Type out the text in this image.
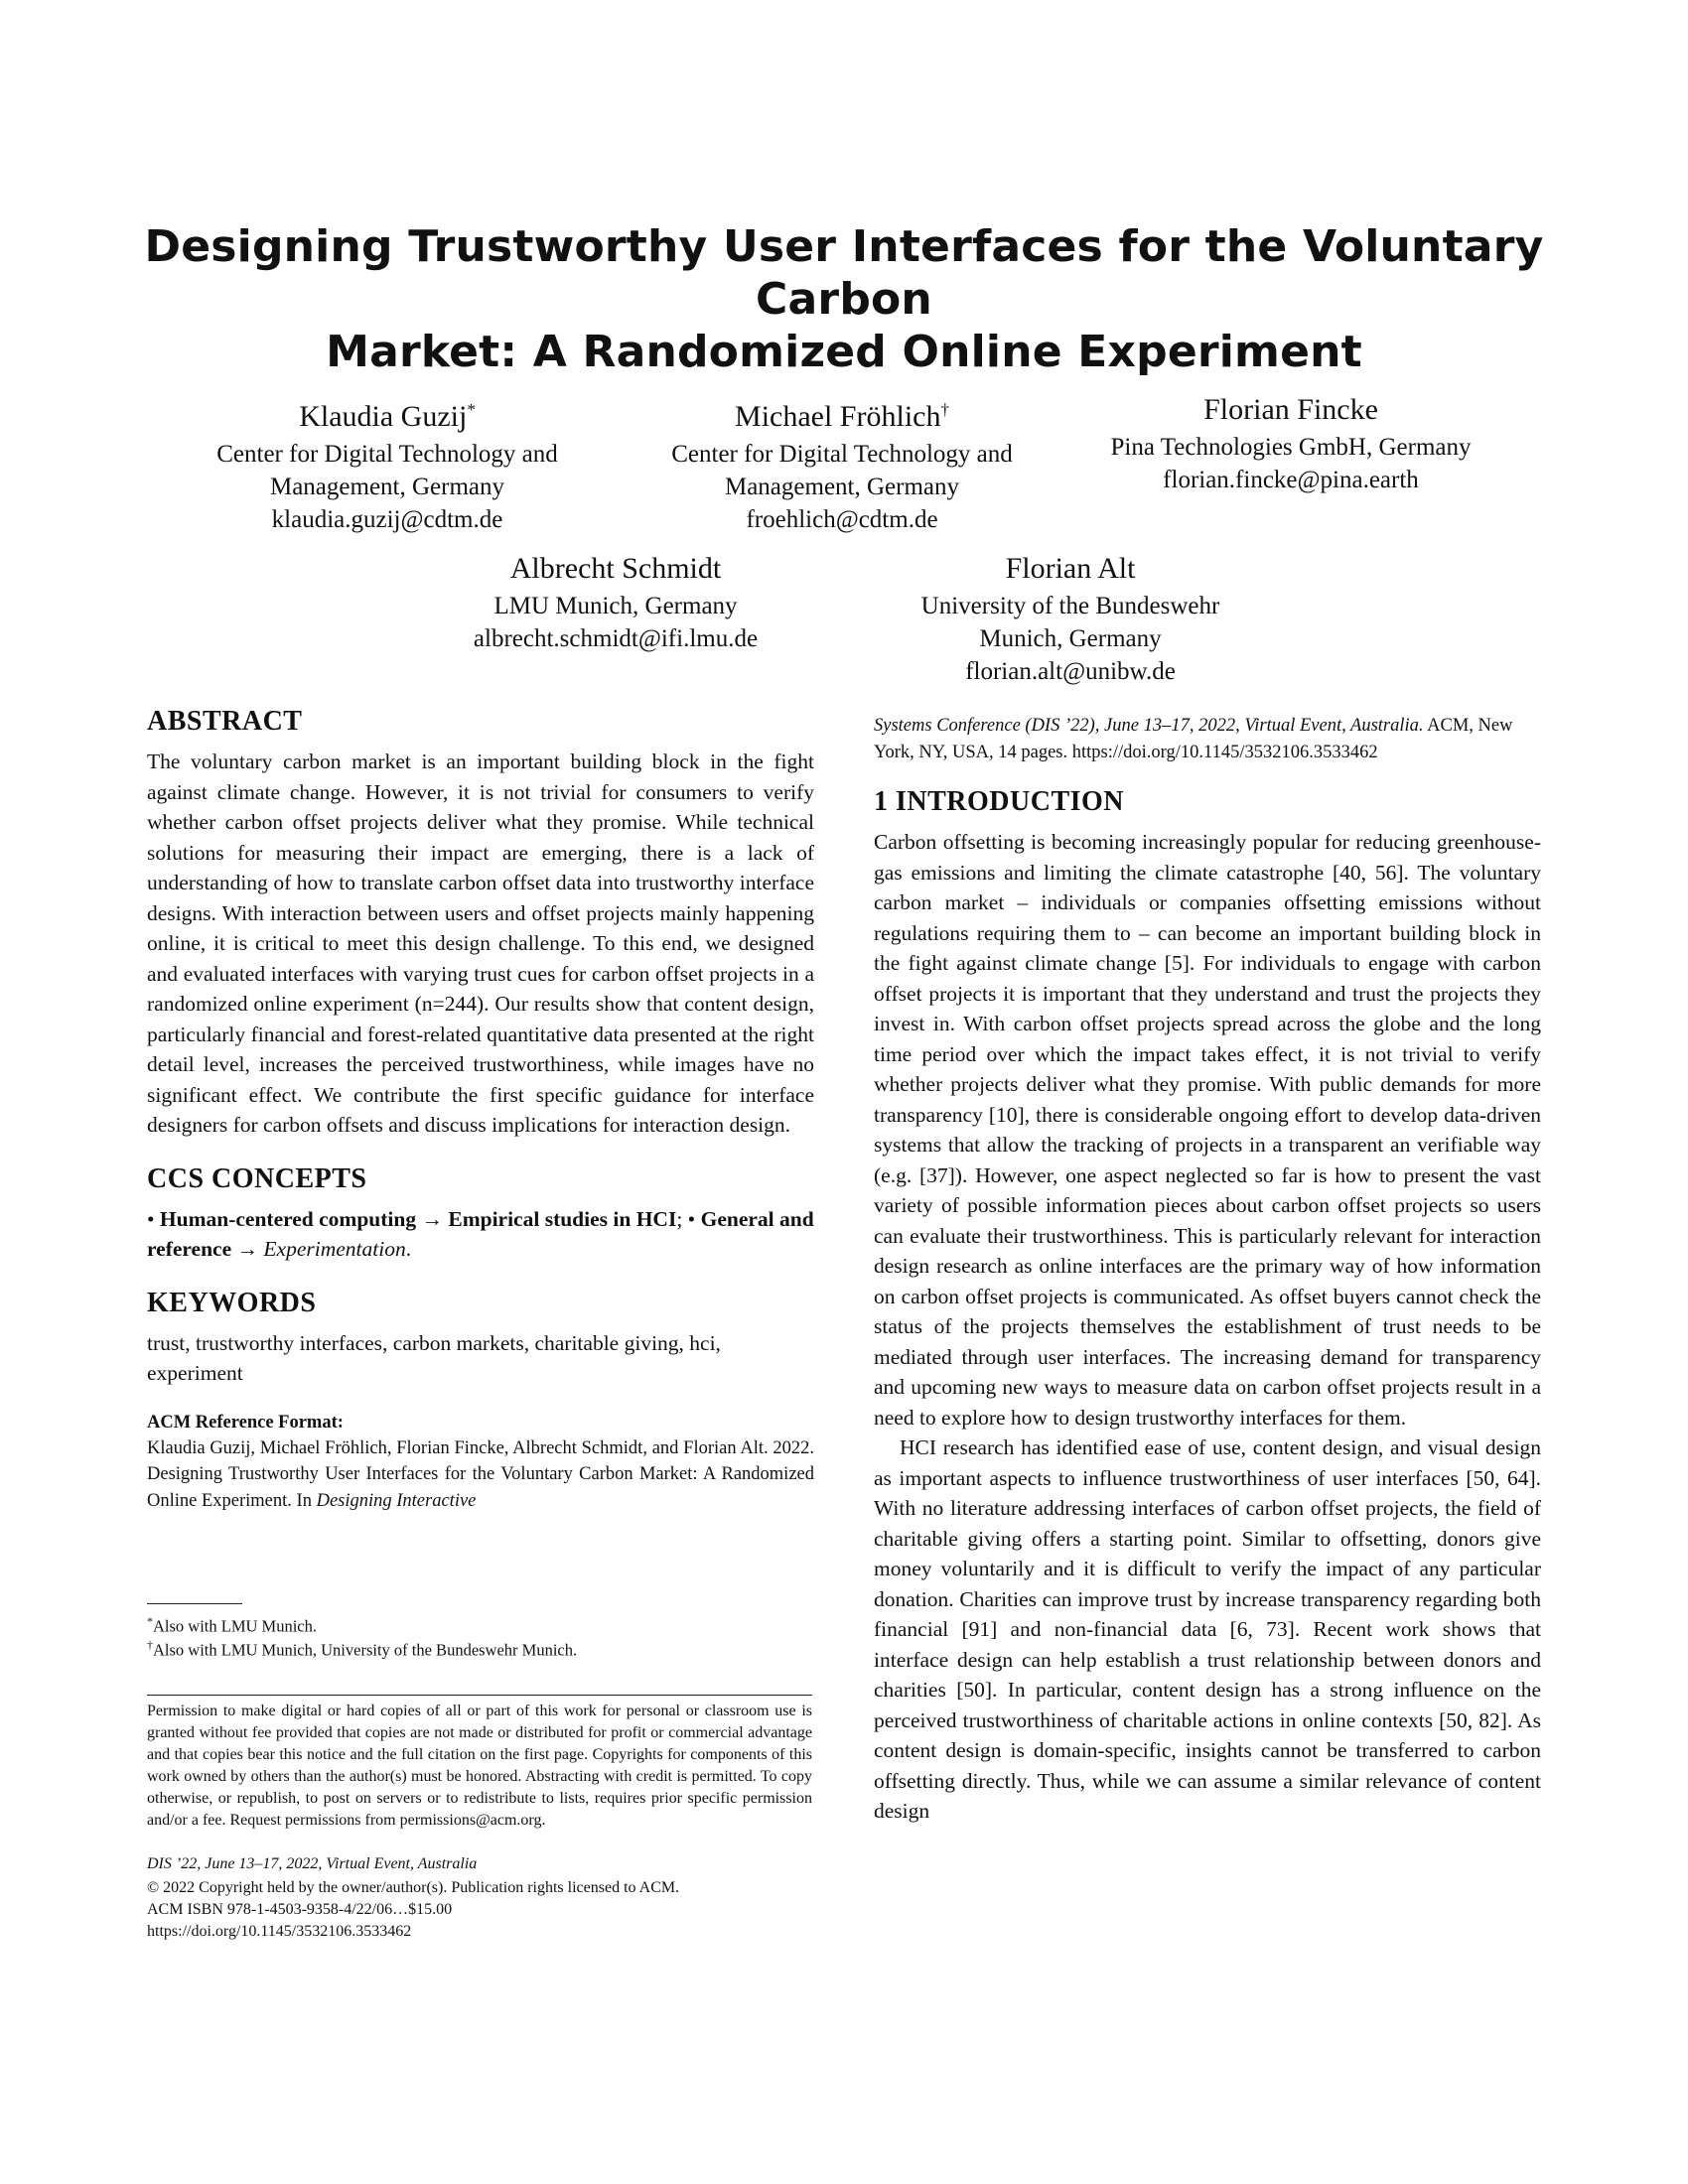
Designing Trustworthy User Interfaces for the Voluntary Carbon
Market: A Randomized Online Experiment
Klaudia Guzij*
Center for Digital Technology and
Management, Germany
klaudia.guzij@cdtm.de
Michael Fröhlich†
Center for Digital Technology and
Management, Germany
froehlich@cdtm.de
Florian Fincke
Pina Technologies GmbH, Germany
florian.fincke@pina.earth
Albrecht Schmidt
LMU Munich, Germany
albrecht.schmidt@ifi.lmu.de
Florian Alt
University of the Bundeswehr
Munich, Germany
florian.alt@unibw.de
ABSTRACT

The voluntary carbon market is an important building block in the fight against climate change. However, it is not trivial for consumers to verify whether carbon offset projects deliver what they promise. While technical solutions for measuring their impact are emerging, there is a lack of understanding of how to translate carbon offset data into trustworthy interface designs. With interaction between users and offset projects mainly happening online, it is critical to meet this design challenge. To this end, we designed and evaluated interfaces with varying trust cues for carbon offset projects in a randomized online experiment (n=244). Our results show that content design, particularly financial and forest-related quantitative data presented at the right detail level, increases the perceived trustworthiness, while images have no significant effect. We contribute the first specific guidance for interface designers for carbon offsets and discuss implications for interaction design.

CCS CONCEPTS

• Human-centered computing → Empirical studies in HCI; • General and reference → Experimentation.

KEYWORDS

trust, trustworthy interfaces, carbon markets, charitable giving, hci, experiment

ACM Reference Format:

Klaudia Guzij, Michael Fröhlich, Florian Fincke, Albrecht Schmidt, and Florian Alt. 2022. Designing Trustworthy User Interfaces for the Voluntary Carbon Market: A Randomized Online Experiment. In Designing Interactive

*Also with LMU Munich.
†Also with LMU Munich, University of the Bundeswehr Munich.

Permission to make digital or hard copies of all or part of this work for personal or classroom use is granted without fee provided that copies are not made or distributed for profit or commercial advantage and that copies bear this notice and the full citation on the first page. Copyrights for components of this work owned by others than the author(s) must be honored. Abstracting with credit is permitted. To copy otherwise, or republish, to post on servers or to redistribute to lists, requires prior specific permission and/or a fee. Request permissions from permissions@acm.org.

DIS ’22, June 13–17, 2022, Virtual Event, Australia

© 2022 Copyright held by the owner/author(s). Publication rights licensed to ACM.

ACM ISBN 978-1-4503-9358-4/22/06…$15.00

https://doi.org/10.1145/3532106.3533462

Systems Conference (DIS ’22), June 13–17, 2022, Virtual Event, Australia. ACM, New York, NY, USA, 14 pages. https://doi.org/10.1145/3532106.3533462

1 INTRODUCTION

Carbon offsetting is becoming increasingly popular for reducing greenhouse-gas emissions and limiting the climate catastrophe [40, 56]. The voluntary carbon market – individuals or companies offsetting emissions without regulations requiring them to – can become an important building block in the fight against climate change [5]. For individuals to engage with carbon offset projects it is important that they understand and trust the projects they invest in. With carbon offset projects spread across the globe and the long time period over which the impact takes effect, it is not trivial to verify whether projects deliver what they promise. With public demands for more transparency [10], there is considerable ongoing effort to develop data-driven systems that allow the tracking of projects in a transparent an verifiable way (e.g. [37]). However, one aspect neglected so far is how to present the vast variety of possible information pieces about carbon offset projects so users can evaluate their trustworthiness. This is particularly relevant for interaction design research as online interfaces are the primary way of how information on carbon offset projects is communicated. As offset buyers cannot check the status of the projects themselves the establishment of trust needs to be mediated through user interfaces. The increasing demand for transparency and upcoming new ways to measure data on carbon offset projects result in a need to explore how to design trustworthy interfaces for them.

HCI research has identified ease of use, content design, and visual design as important aspects to influence trustworthiness of user interfaces [50, 64]. With no literature addressing interfaces of carbon offset projects, the field of charitable giving offers a starting point. Similar to offsetting, donors give money voluntarily and it is difficult to verify the impact of any particular donation. Charities can improve trust by increase transparency regarding both financial [91] and non-financial data [6, 73]. Recent work shows that interface design can help establish a trust relationship between donors and charities [50]. In particular, content design has a strong influence on the perceived trustworthiness of charitable actions in online contexts [50, 82]. As content design is domain-specific, insights cannot be transferred to carbon offsetting directly. Thus, while we can assume a similar relevance of content design
